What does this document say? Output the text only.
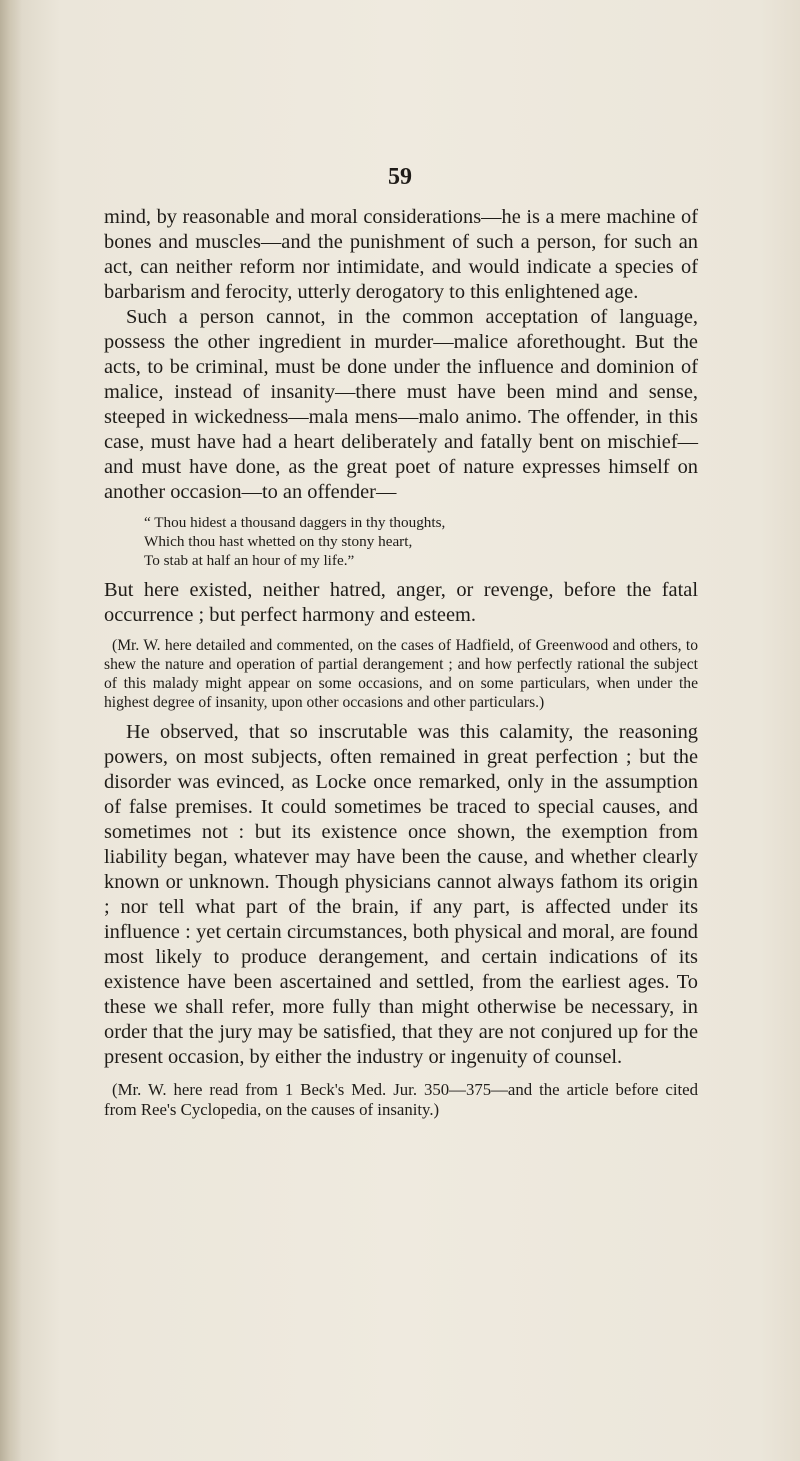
59

mind, by reasonable and moral considerations—he is a mere machine of bones and muscles—and the punishment of such a person, for such an act, can neither reform nor intimidate, and would indicate a species of barbarism and ferocity, utterly derogatory to this enlightened age.

Such a person cannot, in the common acceptation of language, possess the other ingredient in murder—malice aforethought. But the acts, to be criminal, must be done under the influence and dominion of malice, instead of insanity—there must have been mind and sense, steeped in wickedness—mala mens—malo animo. The offender, in this case, must have had a heart deliberately and fatally bent on mischief—and must have done, as the great poet of nature expresses himself on another occasion—to an offender—

“ Thou hidest a thousand daggers in thy thoughts,
Which thou hast whetted on thy stony heart,
To stab at half an hour of my life.”

But here existed, neither hatred, anger, or revenge, before the fatal occurrence ; but perfect harmony and esteem.

(Mr. W. here detailed and commented, on the cases of Hadfield, of Greenwood and others, to shew the nature and operation of partial derangement ; and how perfectly rational the subject of this malady might appear on some occasions, and on some particulars, when under the highest degree of insanity, upon other occasions and other particulars.)

He observed, that so inscrutable was this calamity, the reasoning powers, on most subjects, often remained in great perfection ; but the disorder was evinced, as Locke once remarked, only in the assumption of false premises. It could sometimes be traced to special causes, and sometimes not : but its existence once shown, the exemption from liability began, whatever may have been the cause, and whether clearly known or unknown. Though physicians cannot always fathom its origin ; nor tell what part of the brain, if any part, is affected under its influence : yet certain circumstances, both physical and moral, are found most likely to produce derangement, and certain indications of its existence have been ascertained and settled, from the earliest ages. To these we shall refer, more fully than might otherwise be necessary, in order that the jury may be satisfied, that they are not conjured up for the present occasion, by either the industry or ingenuity of counsel.

(Mr. W. here read from 1 Beck's Med. Jur. 350—375—and the article before cited from Ree's Cyclopedia, on the causes of insanity.)
